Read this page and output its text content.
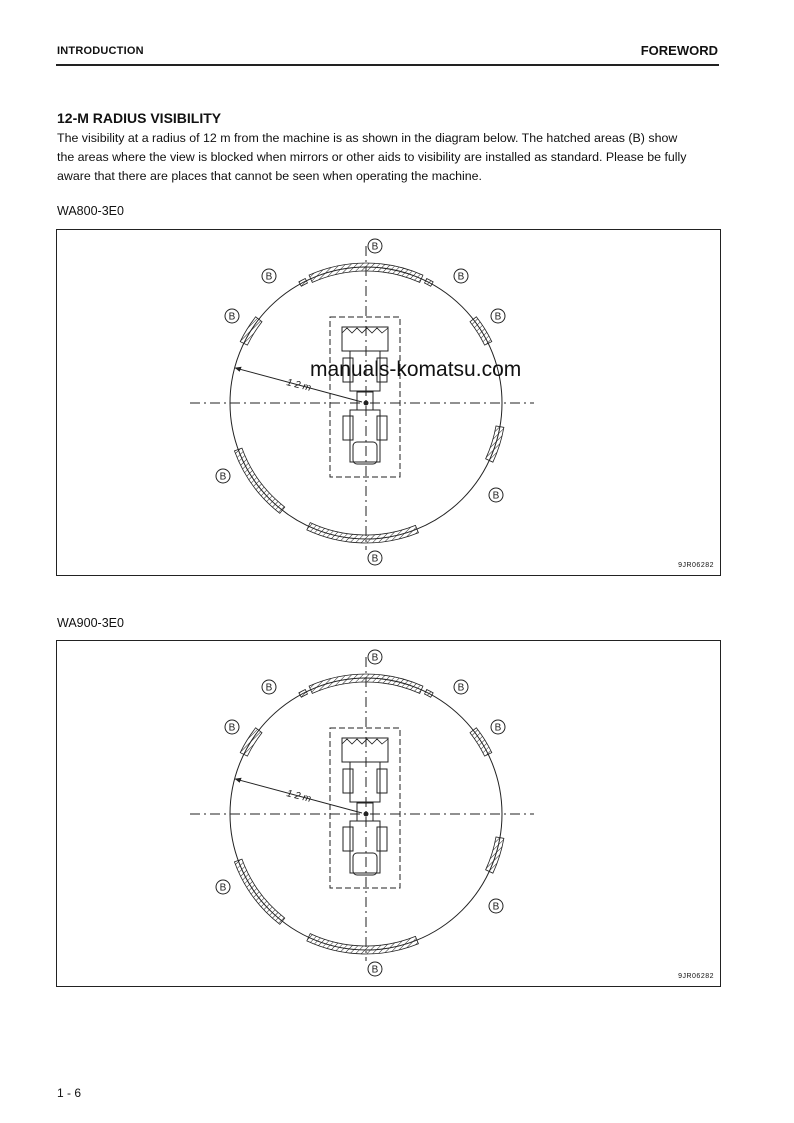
INTRODUCTION	FOREWORD
12-M RADIUS VISIBILITY

The visibility at a radius of 12 m from the machine is as shown in the diagram below. The hatched areas (B) show

the areas where the view is blocked when mirrors or other aids to visibility are installed as standard. Please be fully

aware that there are places that cannot be seen when operating the machine.

WA800-3E0
1 2 m
B
B	B
B	B
B
B
B
9JR06282
WA900-3E0
1 2 m
B
B	B
B	B
B
B
B
9JR06282
manuals-komatsu.com
1 - 6
